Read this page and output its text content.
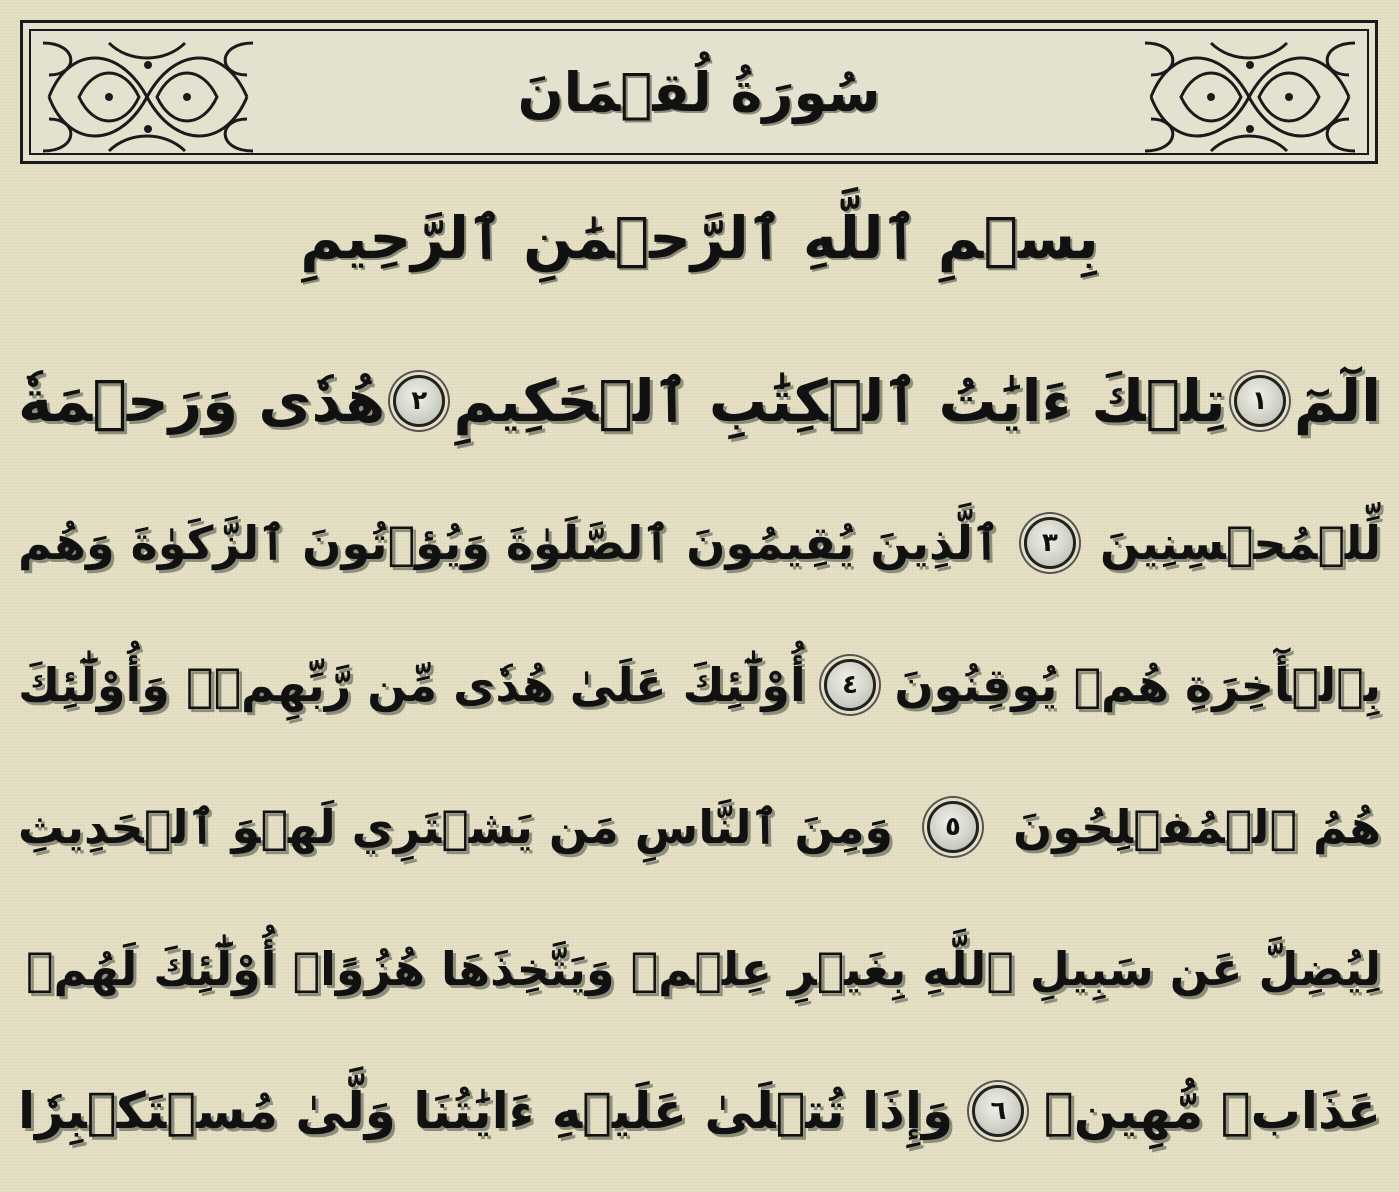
سُورَةُ لُقۡمَانَ
بِسۡمِ ٱللَّهِ ٱلرَّحۡمَٰنِ ٱلرَّحِيمِ
الٓمٓ
١
تِلۡكَ ءَايَٰتُ ٱلۡكِتَٰبِ ٱلۡحَكِيمِ
٢
هُدٗى وَرَحۡمَةٗ
لِّلۡمُحۡسِنِينَ
٣
ٱلَّذِينَ يُقِيمُونَ ٱلصَّلَوٰةَ وَيُؤۡتُونَ ٱلزَّكَوٰةَ وَهُم
بِٱلۡأٓخِرَةِ هُمۡ يُوقِنُونَ
٤
أُوْلَٰٓئِكَ عَلَىٰ هُدٗى مِّن رَّبِّهِمۡۖ وَأُوْلَٰٓئِكَ
هُمُ ٱلۡمُفۡلِحُونَ
٥
وَمِنَ ٱلنَّاسِ مَن يَشۡتَرِي لَهۡوَ ٱلۡحَدِيثِ
لِيُضِلَّ عَن سَبِيلِ ٱللَّهِ بِغَيۡرِ عِلۡمٖ وَيَتَّخِذَهَا هُزُوًاۚ أُوْلَٰٓئِكَ لَهُمۡ
عَذَابٞ مُّهِينٞ
٦
وَإِذَا تُتۡلَىٰ عَلَيۡهِ ءَايَٰتُنَا وَلَّىٰ مُسۡتَكۡبِرٗا
